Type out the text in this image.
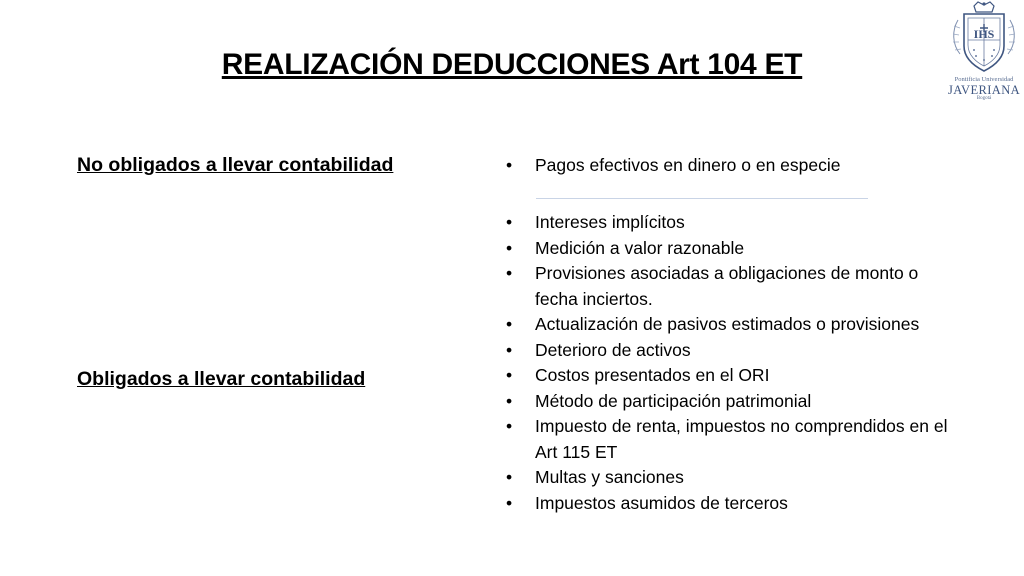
REALIZACIÓN DEDUCCIONES Art 104 ET
IHS
Pontificia Universidad
JAVERIANA
Bogotá
No obligados a llevar contabilidad
Obligados a llevar contabilidad
• Pagos efectivos en dinero o en especie
• Intereses implícitos
• Medición a valor razonable
• Provisiones asociadas a obligaciones de monto o fecha inciertos.
• Actualización de pasivos estimados o provisiones
• Deterioro de activos
• Costos presentados en el ORI
• Método de participación patrimonial
• Impuesto de renta, impuestos no comprendidos en el Art 115 ET
• Multas y sanciones
• Impuestos asumidos de terceros
